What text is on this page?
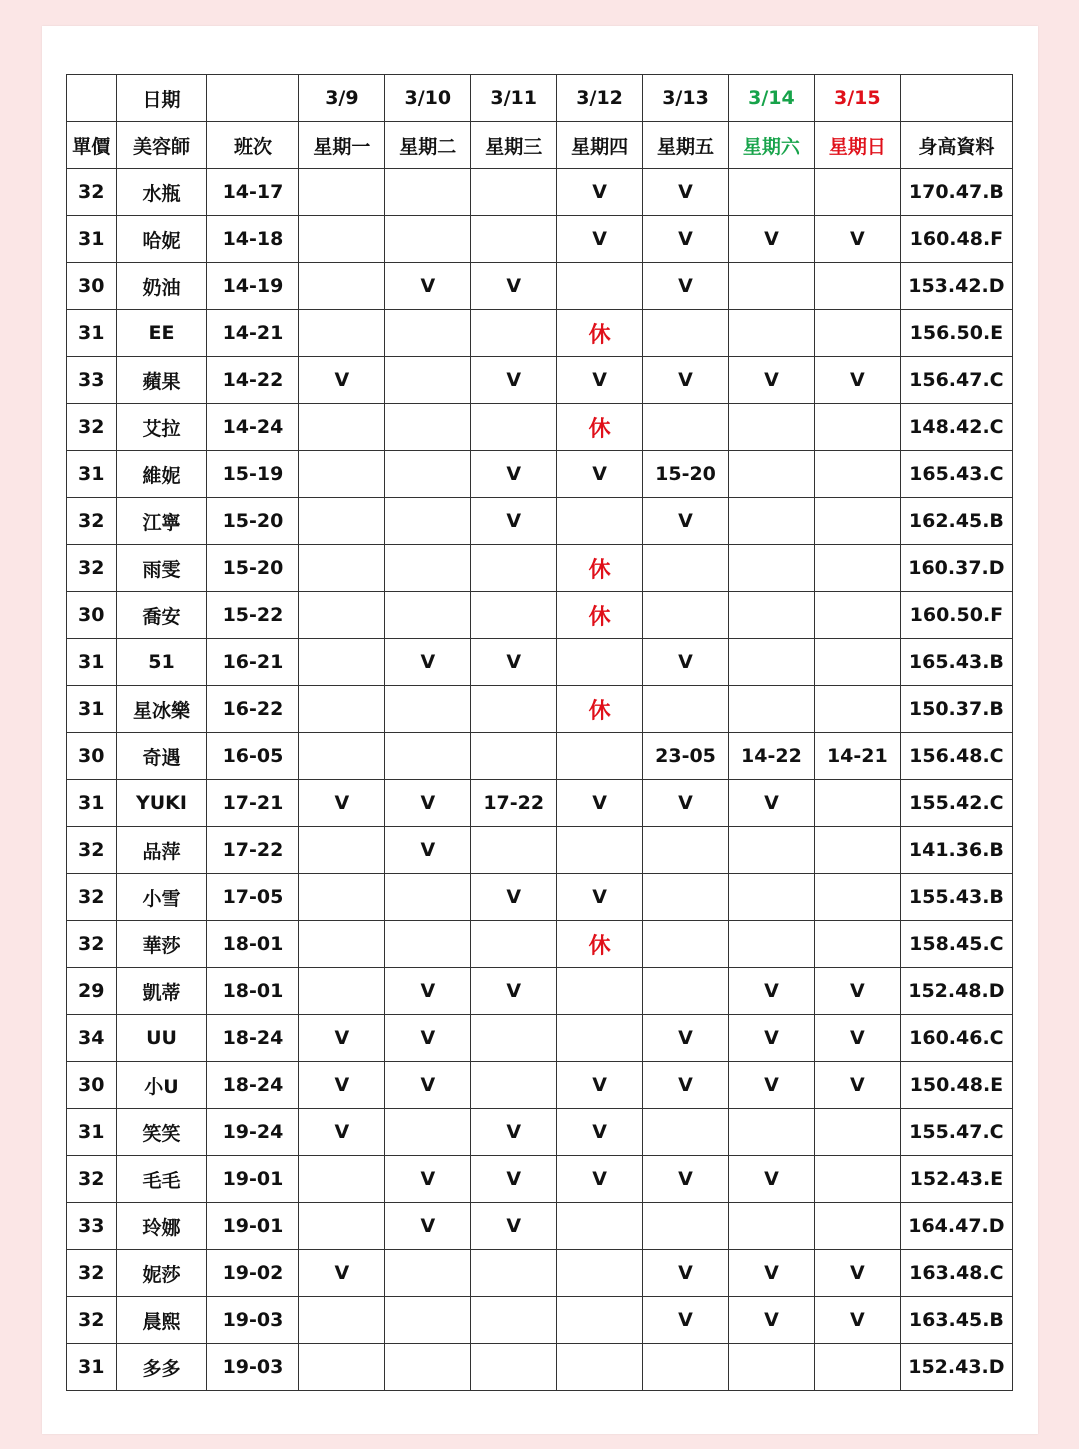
	日期		3/9	3/10	3/11	3/12	3/13	3/14	3/15	
單價	美容師	班次	星期一	星期二	星期三	星期四	星期五	星期六	星期日	身高資料
32	水瓶	14-17				V	V			170.47.B
31	哈妮	14-18				V	V	V	V	160.48.F
30	奶油	14-19		V	V		V			153.42.D
31	EE	14-21				休				156.50.E
33	蘋果	14-22	V		V	V	V	V	V	156.47.C
32	艾拉	14-24				休				148.42.C
31	維妮	15-19			V	V	15-20			165.43.C
32	江寧	15-20			V		V			162.45.B
32	雨雯	15-20				休				160.37.D
30	喬安	15-22				休				160.50.F
31	51	16-21		V	V		V			165.43.B
31	星冰樂	16-22				休				150.37.B
30	奇遇	16-05					23-05	14-22	14-21	156.48.C
31	YUKI	17-21	V	V	17-22	V	V	V		155.42.C
32	品萍	17-22		V						141.36.B
32	小雪	17-05			V	V				155.43.B
32	華莎	18-01				休				158.45.C
29	凱蒂	18-01		V	V			V	V	152.48.D
34	UU	18-24	V	V			V	V	V	160.46.C
30	小U	18-24	V	V		V	V	V	V	150.48.E
31	笑笑	19-24	V		V	V				155.47.C
32	毛毛	19-01		V	V	V	V	V		152.43.E
33	玲娜	19-01		V	V					164.47.D
32	妮莎	19-02	V				V	V	V	163.48.C
32	晨熙	19-03					V	V	V	163.45.B
31	多多	19-03								152.43.D
